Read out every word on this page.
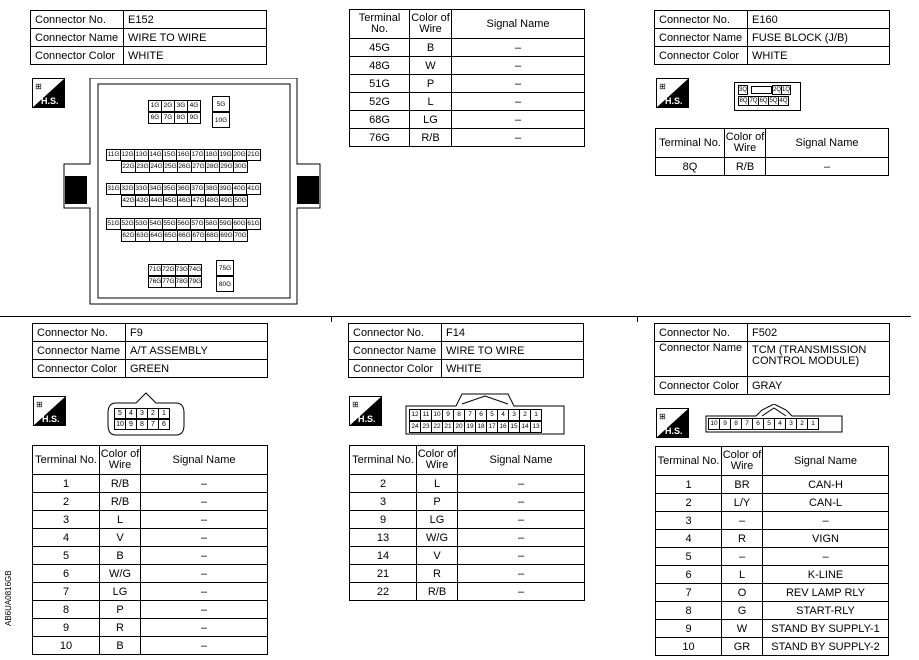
Connector No.	E152
Connector Name	WIRE TO WIRE
Connector Color	WHITE
⊞
H.S.	1G	2G	3G	4G
6G	7G	8G	9G
5G
10G
11G	12G	13G	14G	15G	16G	17G	18G	19G	20G	21G
22G	23G	24G	25G	26G	27G	28G	29G	30G
31G	32G	33G	34G	35G	36G	37G	38G	39G	40G	41G
42G	43G	44G	45G	46G	47G	48G	49G	50G
51G	52G	53G	54G	55G	56G	57G	58G	59G	60G	61G
62G	63G	64G	65G	66G	67G	68G	69G	70G
71G	72G	73G	74G
76G	77G	78G	79G
75G
80G
Terminal No.	Color of Wire	Signal Name
45G	B	–
48G	W	–
51G	P	–
52G	L	–
68G	LG	–
76G	R/B	–
Connector No.	E160
Connector Name	FUSE BLOCK (J/B)
Connector Color	WHITE
⊞
H.S.
3Q	2Q	1Q
8Q	7Q	6Q	5Q	4Q
Terminal No.	Color of Wire	Signal Name
8Q	R/B	–
Connector No.	F9
Connector Name	A/T ASSEMBLY
Connector Color	GREEN
⊞
H.S.
5	4	3	2	1
10	9	8	7	6
Terminal No.	Color of Wire	Signal Name
1	R/B	–
2	R/B	–
3	L	–
4	V	–
5	B	–
6	W/G	–
7	LG	–
8	P	–
9	R	–
10	B	–
Connector No.	F14
Connector Name	WIRE TO WIRE
Connector Color	WHITE
⊞
H.S.	12	11	10	9	8	7	6	5	4	3	2	1
24	23	22	21	20	19	18	17	16	15	14	13
Terminal No.	Color of Wire	Signal Name
2	L	–
3	P	–
9	LG	–
13	W/G	–
14	V	–
21	R	–
22	R/B	–
Connector No.	F502
Connector Name	TCM (TRANSMISSION CONTROL MODULE)
Connector Color	GRAY
⊞
H.S.
10	9	8	7	6	5	4	3	2	1
Terminal No.	Color of Wire	Signal Name
1	BR	CAN-H
2	L/Y	CAN-L
3	–	–
4	R	VIGN
5	–	–
6	L	K-LINE
7	O	REV LAMP RLY
8	G	START-RLY
9	W	STAND BY SUPPLY-1
10	GR	STAND BY SUPPLY-2
AB6UA0816GB
